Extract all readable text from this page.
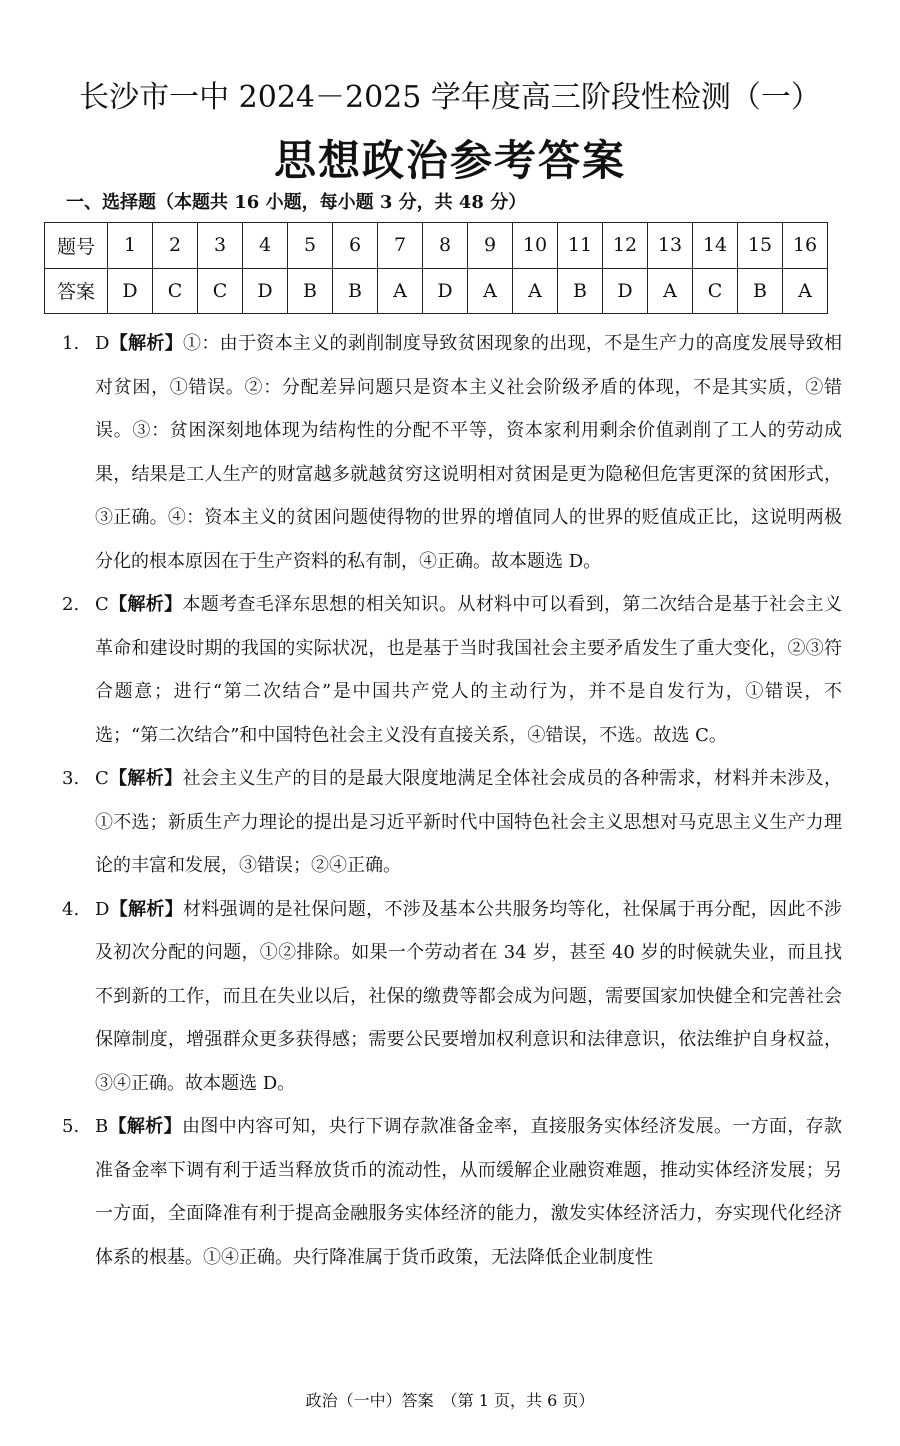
长沙市一中 2024－2025 学年度高三阶段性检测（一）
思想政治参考答案
一、选择题（本题共 16 小题，每小题 3 分，共 48 分）
题号	1	2	3	4	5	6	7	8	9	10	11	12	13	14	15	16
答案	D	C	C	D	B	B	A	D	A	A	B	D	A	C	B	A
1. D【解析】①：由于资本主义的剥削制度导致贫困现象的出现，不是生产力的高度发展导致相对贫困，①错误。②：分配差异问题只是资本主义社会阶级矛盾的体现，不是其实质，②错误。③：贫困深刻地体现为结构性的分配不平等，资本家利用剩余价值剥削了工人的劳动成果，结果是工人生产的财富越多就越贫穷这说明相对贫困是更为隐秘但危害更深的贫困形式，③正确。④：资本主义的贫困问题使得物的世界的增值同人的世界的贬值成正比，这说明两极分化的根本原因在于生产资料的私有制，④正确。故本题选 D。
2. C【解析】本题考查毛泽东思想的相关知识。从材料中可以看到，第二次结合是基于社会主义革命和建设时期的我国的实际状况，也是基于当时我国社会主要矛盾发生了重大变化，②③符合题意；进行“第二次结合”是中国共产党人的主动行为，并不是自发行为，①错误，不选；“第二次结合”和中国特色社会主义没有直接关系，④错误，不选。故选 C。
3. C【解析】社会主义生产的目的是最大限度地满足全体社会成员的各种需求，材料并未涉及，①不选；新质生产力理论的提出是习近平新时代中国特色社会主义思想对马克思主义生产力理论的丰富和发展，③错误；②④正确。
4. D【解析】材料强调的是社保问题，不涉及基本公共服务均等化，社保属于再分配，因此不涉及初次分配的问题，①②排除。如果一个劳动者在 34 岁，甚至 40 岁的时候就失业，而且找不到新的工作，而且在失业以后，社保的缴费等都会成为问题，需要国家加快健全和完善社会保障制度，增强群众更多获得感；需要公民要增加权利意识和法律意识，依法维护自身权益，③④正确。故本题选 D。
5. B【解析】由图中内容可知，央行下调存款准备金率，直接服务实体经济发展。一方面，存款准备金率下调有利于适当释放货币的流动性，从而缓解企业融资难题，推动实体经济发展；另一方面，全面降准有利于提高金融服务实体经济的能力，激发实体经济活力，夯实现代化经济体系的根基。①④正确。央行降准属于货币政策，无法降低企业制度性
政治（一中）答案　（第 1 页，共 6 页）
